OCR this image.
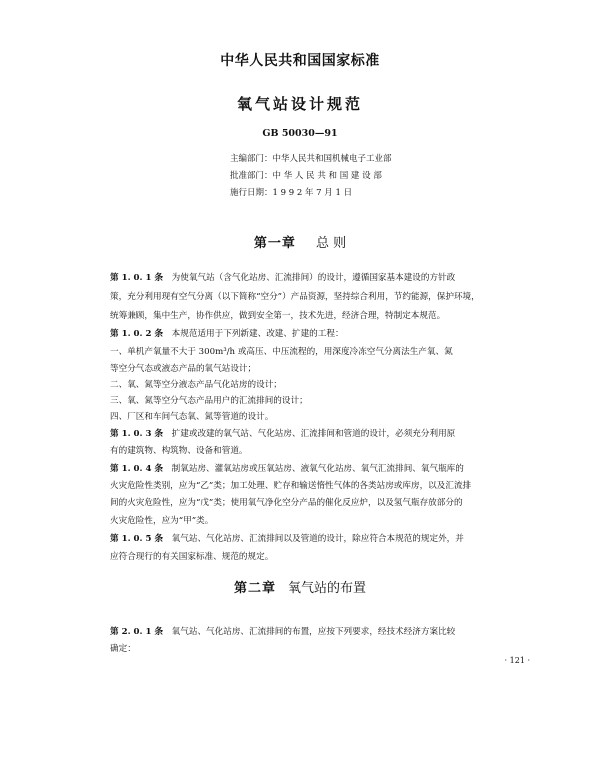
中华人民共和国国家标准
氧气站设计规范
GB 50030—91
主编部门：中华人民共和国机械电子工业部
批准部门：中 华 人 民 共 和 国 建 设 部
施行日期：1 9 9 2 年 7 月 1 日
第一章 总 则
第 1. 0. 1 条　为使氧气站（含气化站房、汇流排间）的设计，遵循国家基本建设的方针政
策，充分利用现有空气分离（以下简称“空分”）产品资源，坚持综合利用，节约能源，保护环境，
统筹兼顾，集中生产，协作供应，做到安全第一，技术先进，经济合理，特制定本规范。
第 1. 0. 2 条　本规范适用于下列新建、改建、扩建的工程：
一、单机产氧量不大于 300m³/h 或高压、中压流程的，用深度冷冻空气分离法生产氧、氮
等空分气态或液态产品的氧气站设计；
二、氧、氮等空分液态产品气化站房的设计；
三、氧、氮等空分气态产品用户的汇流排间的设计；
四、厂区和车间气态氧、氮等管道的设计。
第 1. 0. 3 条　扩建或改建的氧气站、气化站房、汇流排间和管道的设计，必须充分利用原
有的建筑物、构筑物、设备和管道。
第 1. 0. 4 条　制氧站房、灌氧站房或压氧站房、液氧气化站房、氧气汇流排间、氧气瓶库的
火灾危险性类别，应为“乙”类；加工处理、贮存和输送惰性气体的各类站房或库房，以及汇流排
间的火灾危险性，应为“戊”类；使用氧气净化空分产品的催化反应炉，以及氢气瓶存放部分的
火灾危险性，应为“甲”类。
第 1. 0. 5 条　氧气站、气化站房、汇流排间以及管道的设计，除应符合本规范的规定外，并
应符合现行的有关国家标准、规范的规定。
第二章 氧气站的布置
第 2. 0. 1 条　氧气站、气化站房、汇流排间的布置，应按下列要求，经技术经济方案比较
确定：
· 121 ·
